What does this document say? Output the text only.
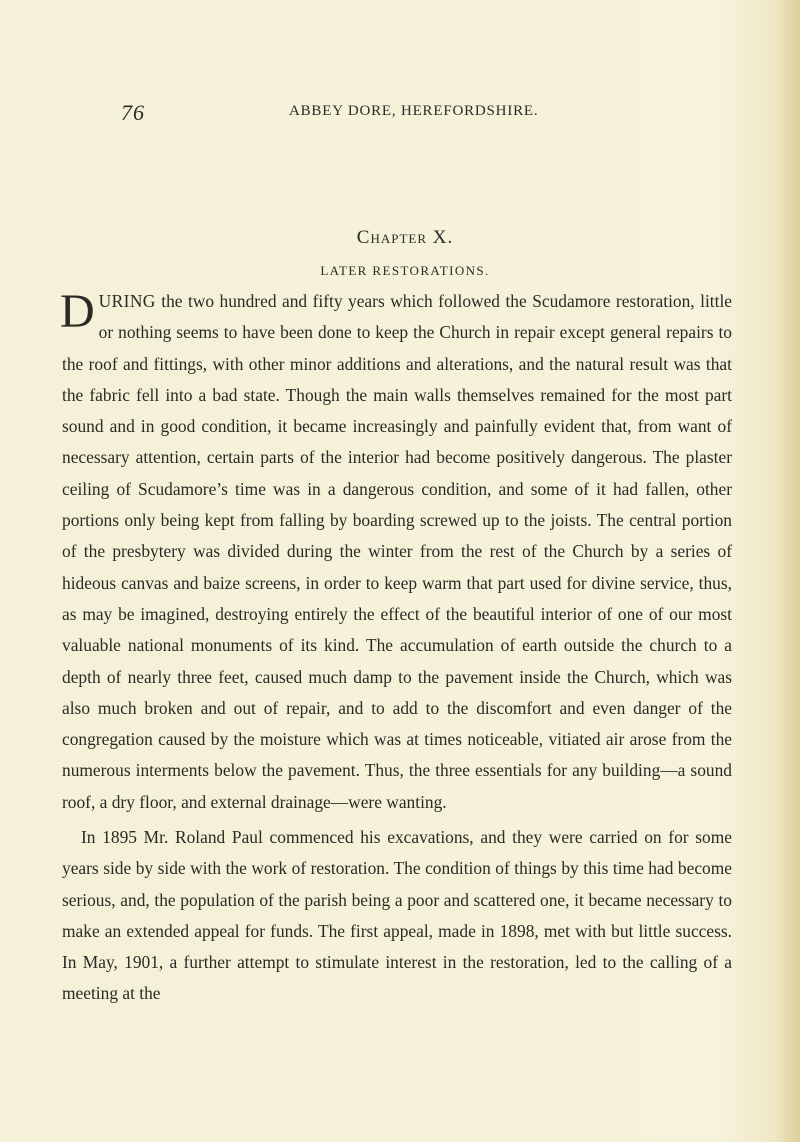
76	ABBEY DORE, HEREFORDSHIRE.
Chapter X.
LATER RESTORATIONS.

DURING the two hundred and fifty years which followed the Scudamore restoration, little or nothing seems to have been done to keep the Church in repair except general repairs to the roof and fittings, with other minor additions and alterations, and the natural result was that the fabric fell into a bad state. Though the main walls themselves remained for the most part sound and in good condition, it became increasingly and painfully evident that, from want of necessary attention, certain parts of the interior had become positively dangerous. The plaster ceiling of Scudamore’s time was in a dangerous condition, and some of it had fallen, other portions only being kept from falling by boarding screwed up to the joists. The central portion of the presbytery was divided during the winter from the rest of the Church by a series of hideous canvas and baize screens, in order to keep warm that part used for divine service, thus, as may be imagined, destroying entirely the effect of the beautiful interior of one of our most valuable national monuments of its kind. The accumulation of earth outside the church to a depth of nearly three feet, caused much damp to the pavement inside the Church, which was also much broken and out of repair, and to add to the discomfort and even danger of the congregation caused by the moisture which was at times noticeable, vitiated air arose from the numerous interments below the pavement. Thus, the three essentials for any building—a sound roof, a dry floor, and external drainage—were wanting.

In 1895 Mr. Roland Paul commenced his excavations, and they were carried on for some years side by side with the work of restoration. The condition of things by this time had become serious, and, the population of the parish being a poor and scattered one, it became necessary to make an extended appeal for funds. The first appeal, made in 1898, met with but little success. In May, 1901, a further attempt to stimulate interest in the restoration, led to the calling of a meeting at the
